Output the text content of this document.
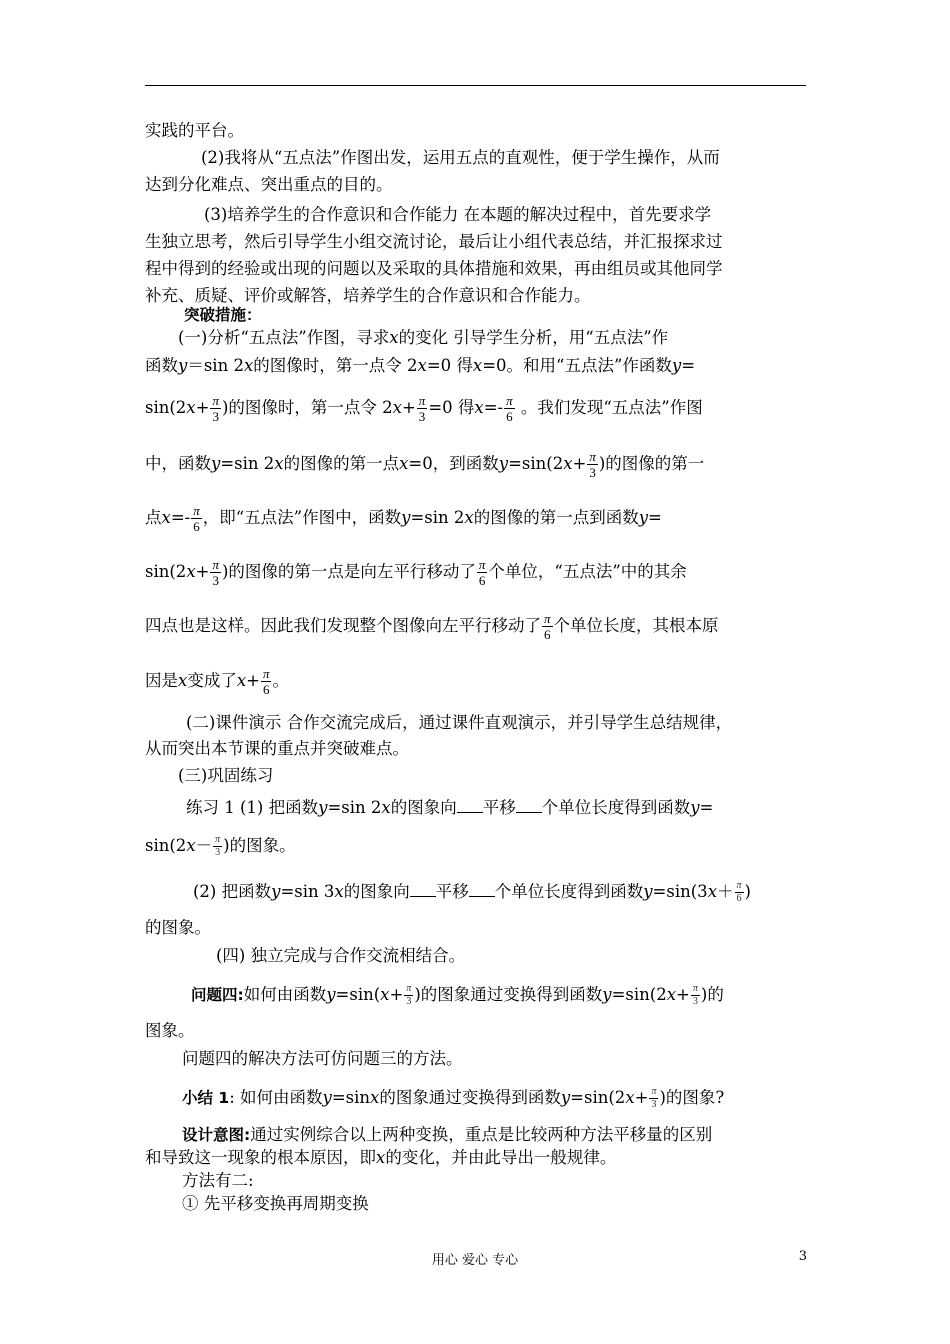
实践的平台。
(2)我将从“五点法”作图出发，运用五点的直观性，便于学生操作，从而
达到分化难点、突出重点的目的。
(3)培养学生的合作意识和合作能力 在本题的解决过程中，首先要求学
生独立思考，然后引导学生小组交流讨论，最后让小组代表总结，并汇报探求过
程中得到的经验或出现的问题以及采取的具体措施和效果，再由组员或其他同学
补充、质疑、评价或解答，培养学生的合作意识和合作能力。
突破措施：
(一)分析“五点法”作图，寻求x的变化 引导学生分析，用“五点法”作
函数y＝sin 2x的图像时，第一点令 2x=0 得x=0。和用“五点法”作函数y=
$\sin(2x+ \frac{\pi}{3}$ )的图像时，第一点令 $2x+ \frac{\pi}{3} =0$ 得$x=- \frac{\pi}{6}$ 。我们发现“五点法”作图
中，函数y=sin 2x的图像的第一点x=0，到函数$y=\sin(2x+ \frac{\pi}{3}$ )的图像的第一
点$x=- \frac{\pi}{6}$ ，即“五点法”作图中，函数y=sin 2x的图像的第一点到函数y=
$\sin(2x+ \frac{\pi}{3}$ )的图像的第一点是向左平行移动了 $\frac{\pi}{6}$ 个单位，“五点法”中的其余
四点也是这样。因此我们发现整个图像向左平行移动了 $\frac{\pi}{6}$ 个单位长度，其根本原
因是x变成了$x+ \frac{\pi}{6}$ 。
(二)课件演示 合作交流完成后，通过课件直观演示，并引导学生总结规律，
从而突出本节课的重点并突破难点。
(三)巩固练习
练习 1 (1) 把函数y=sin 2x的图象向 平移 个单位长度得到函数y=
$\sin(2x- \frac{\pi}{3}$ )的图象。
(2) 把函数y=sin 3x的图象向 平移 个单位长度得到函数$y=\sin(3x+ \frac{\pi}{6}$ )
的图象。
(四) 独立完成与合作交流相结合。
问题四:如何由函数$y=\sin(x+ \frac{\pi}{3}$ )的图象通过变换得到函数$y=\sin(2x+ \frac{\pi}{3}$ )的
图象。
问题四的解决方法可仿问题三的方法。
小结 1: 如何由函数y=sinx的图象通过变换得到函数$y=\sin(2x+ \frac{\pi}{3}$ )的图象?
设计意图:通过实例综合以上两种变换，重点是比较两种方法平移量的区别
和导致这一现象的根本原因，即x的变化，并由此导出一般规律。
方法有二:
① 先平移变换再周期变换
用心 爱心 专心	3
